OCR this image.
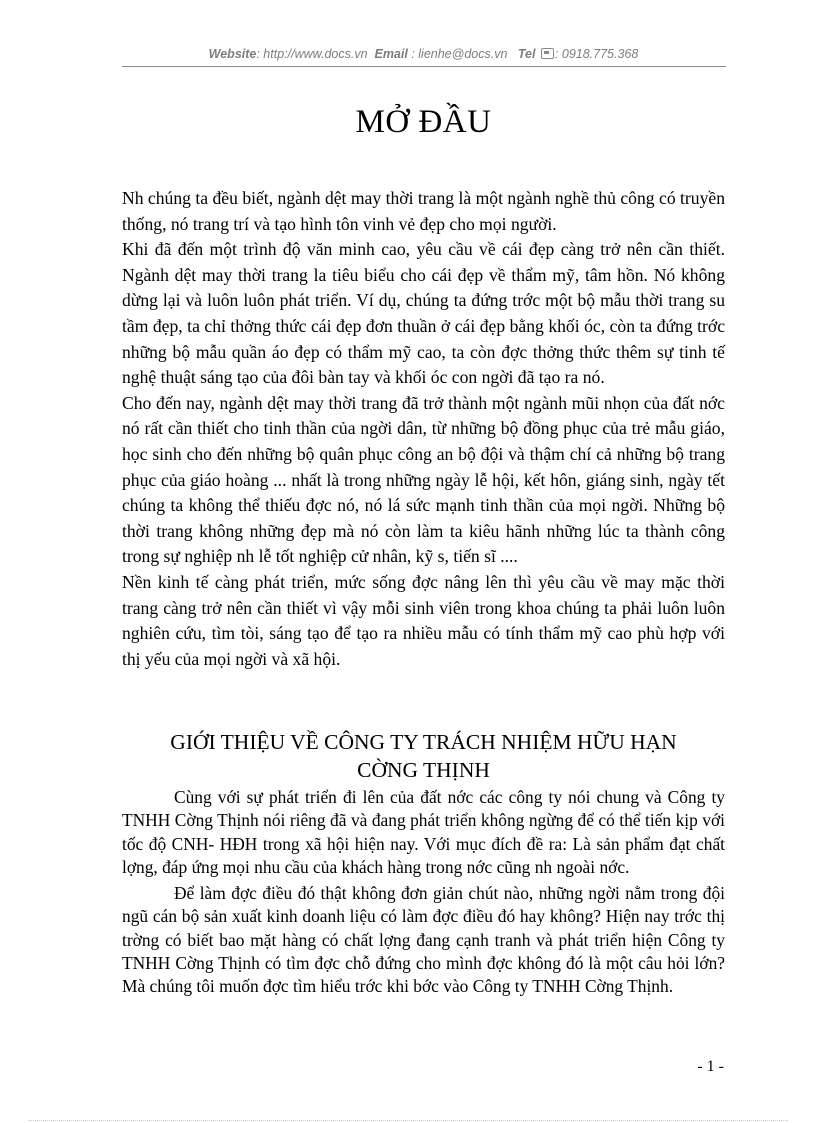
Website: http://www.docs.vn Email : lienhe@docs.vn Tel : 0918.775.368
MỞ ĐẦU

Nh chúng ta đều biết, ngành dệt may thời trang là một ngành nghề thủ công có truyền thống, nó trang trí và tạo hình tôn vinh vẻ đẹp cho mọi người.

Khi đã đến một trình độ văn minh cao, yêu cầu về cái đẹp càng trở nên cần thiết. Ngành dệt may thời trang la tiêu biểu cho cái đẹp về thẩm mỹ, tâm hồn. Nó không dừng lại và luôn luôn phát triển. Ví dụ, chúng ta đứng trớc một bộ mẫu thời trang su tầm đẹp, ta chỉ thởng thức cái đẹp đơn thuần ở cái đẹp bằng khối óc, còn ta đứng trớc những bộ mẫu quần áo đẹp có thẩm mỹ cao, ta còn đợc thởng thức thêm sự tinh tế nghệ thuật sáng tạo của đôi bàn tay và khối óc con ngời đã tạo ra nó.

Cho đến nay, ngành dệt may thời trang đã trở thành một ngành mũi nhọn của đất nớc nó rất cần thiết cho tinh thần của ngời dân, từ những bộ đồng phục của trẻ mẫu giáo, học sinh cho đến những bộ quân phục công an bộ đội và thậm chí cả những bộ trang phục của giáo hoàng ... nhất là trong những ngày lễ hội, kết hôn, giáng sinh, ngày tết chúng ta không thể thiếu đợc nó, nó lá sức mạnh tinh thần của mọi ngời. Những bộ thời trang không những đẹp mà nó còn làm ta kiêu hãnh những lúc ta thành công trong sự nghiệp nh lễ tốt nghiệp cử nhân, kỹ s, tiến sĩ ....

Nền kinh tế càng phát triển, mức sống đợc nâng lên thì yêu cầu về may mặc thời trang càng trở nên cần thiết vì vậy mỗi sinh viên trong khoa chúng ta phải luôn luôn nghiên cứu, tìm tòi, sáng tạo để tạo ra nhiều mẫu có tính thẩm mỹ cao phù hợp với thị yếu của mọi ngời và xã hội.

GIỚI THIỆU VỀ CÔNG TY TRÁCH NHIỆM HỮU HẠN
CỜNG THỊNH

Cùng với sự phát triển đi lên của đất nớc các công ty nói chung và Công ty TNHH Cờng Thịnh nói riêng đã và đang phát triển không ngừng để có thể tiến kịp với tốc độ CNH- HĐH trong xã hội hiện nay. Với mục đích đề ra: Là sản phẩm đạt chất lợng, đáp ứng mọi nhu cầu của khách hàng trong nớc cũng nh ngoài nớc.

Để làm đợc điều đó thật không đơn giản chút nào, những ngời nằm trong đội ngũ cán bộ sản xuất kinh doanh liệu có làm đợc điều đó hay không? Hiện nay trớc thị trờng có biết bao mặt hàng có chất lợng đang cạnh tranh và phát triển hiện Công ty TNHH Cờng Thịnh có tìm đợc chỗ đứng cho mình đợc không đó là một câu hỏi lớn? Mà chúng tôi muốn đợc tìm hiểu trớc khi bớc vào Công ty TNHH Cờng Thịnh.

- 1 -
